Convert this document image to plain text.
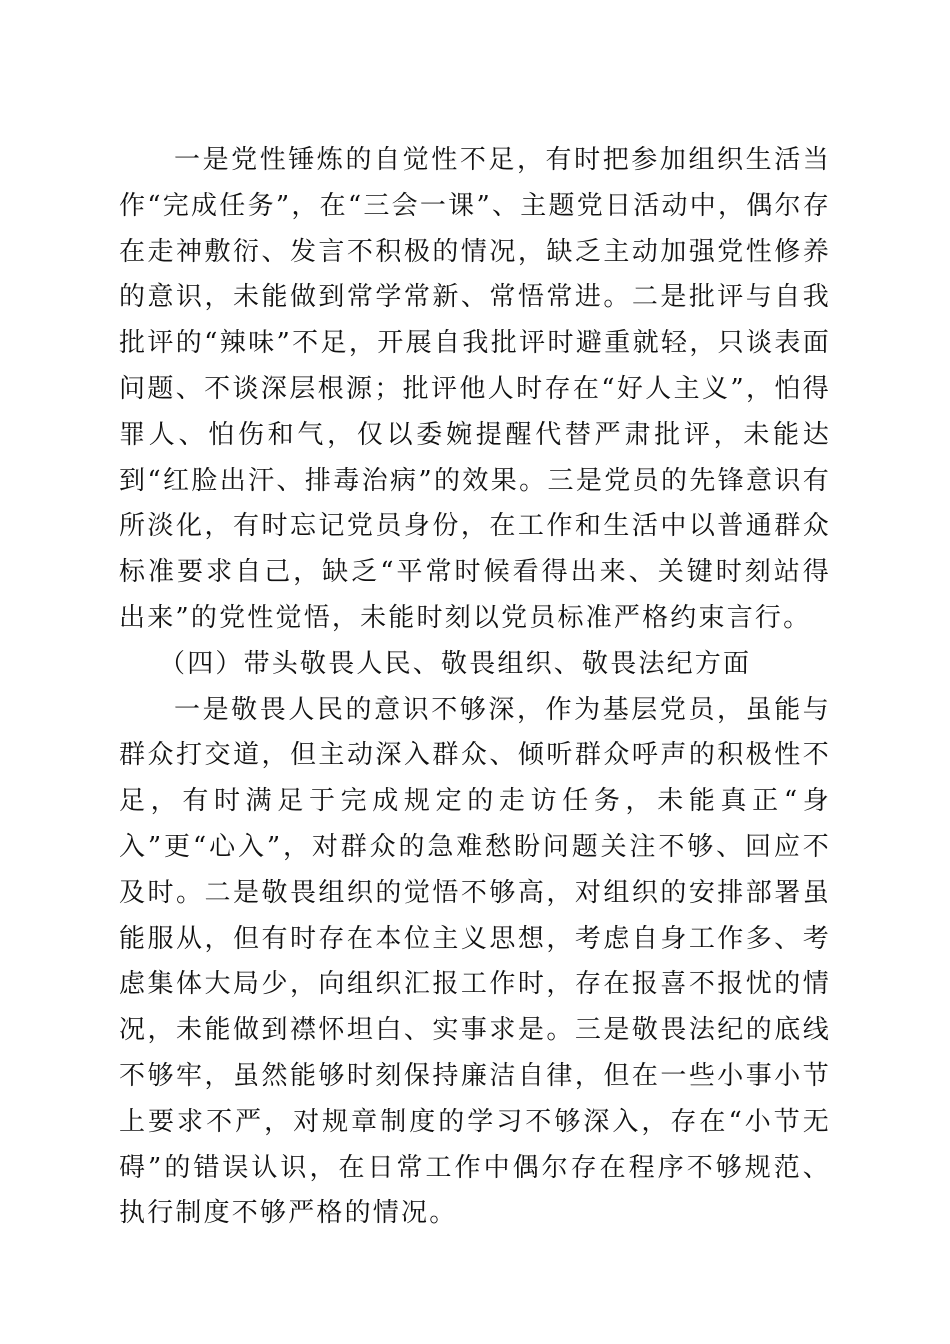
一是党性锤炼的自觉性不足，有时把参加组织生活当作“完成任务”，在“三会一课”、主题党日活动中，偶尔存在走神敷衍、发言不积极的情况，缺乏主动加强党性修养的意识，未能做到常学常新、常悟常进。二是批评与自我批评的“辣味”不足，开展自我批评时避重就轻，只谈表面问题、不谈深层根源；批评他人时存在“好人主义”，怕得罪人、怕伤和气，仅以委婉提醒代替严肃批评，未能达到“红脸出汗、排毒治病”的效果。三是党员的先锋意识有所淡化，有时忘记党员身份，在工作和生活中以普通群众标准要求自己，缺乏“平常时候看得出来、关键时刻站得出来”的党性觉悟，未能时刻以党员标准严格约束言行。

（四）带头敬畏人民、敬畏组织、敬畏法纪方面

一是敬畏人民的意识不够深，作为基层党员，虽能与群众打交道，但主动深入群众、倾听群众呼声的积极性不足，有时满足于完成规定的走访任务，未能真正“身入”更“心入”，对群众的急难愁盼问题关注不够、回应不及时。二是敬畏组织的觉悟不够高，对组织的安排部署虽能服从，但有时存在本位主义思想，考虑自身工作多、考虑集体大局少，向组织汇报工作时，存在报喜不报忧的情况，未能做到襟怀坦白、实事求是。三是敬畏法纪的底线不够牢，虽然能够时刻保持廉洁自律，但在一些小事小节上要求不严，对规章制度的学习不够深入，存在“小节无碍”的错误认识，在日常工作中偶尔存在程序不够规范、执行制度不够严格的情况。
